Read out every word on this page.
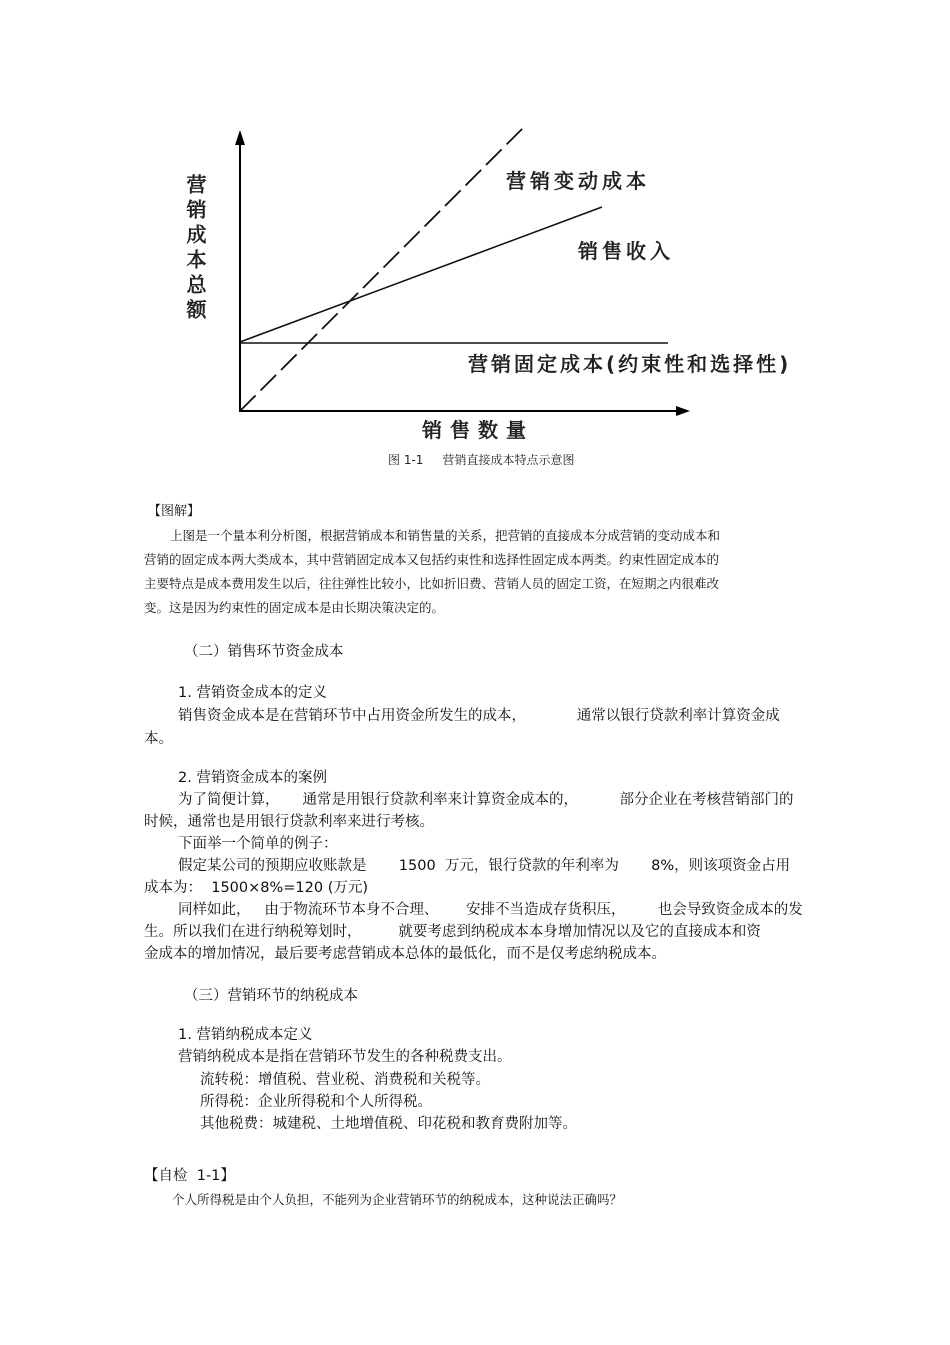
营销变动成本
销售收入
营销固定成本(约束性和选择性)
销售数量
营销成本总额
图 1-1     营销直接成本特点示意图
【图解】
上图是一个量本利分析图，根据营销成本和销售量的关系，把营销的直接成本分成营销的变动成本和
营销的固定成本两大类成本，其中营销固定成本又包括约束性和选择性固定成本两类。约束性固定成本的
主要特点是成本费用发生以后，往往弹性比较小，比如折旧费、营销人员的固定工资，在短期之内很难改
变。这是因为约束性的固定成本是由长期决策决定的。
（二）销售环节资金成本
1. 营销资金成本的定义
销售资金成本是在营销环节中占用资金所发生的成本，           通常以银行贷款利率计算资金成
本。
2. 营销资金成本的案例
为了简便计算，     通常是用银行贷款利率来计算资金成本的，         部分企业在考核营销部门的
时候，通常也是用银行贷款利率来进行考核。
下面举一个简单的例子：
假定某公司的预期应收账款是       1500  万元，银行贷款的年利率为       8%，则该项资金占用
成本为：  1500×8%=120 (万元)
同样如此，   由于物流环节本身不合理、      安排不当造成存货积压，       也会导致资金成本的发
生。所以我们在进行纳税筹划时，        就要考虑到纳税成本本身增加情况以及它的直接成本和资
金成本的增加情况，最后要考虑营销成本总体的最低化，而不是仅考虑纳税成本。
（三）营销环节的纳税成本
1. 营销纳税成本定义
营销纳税成本是指在营销环节发生的各种税费支出。
流转税：增值税、营业税、消费税和关税等。
所得税：企业所得税和个人所得税。
其他税费：城建税、土地增值税、印花税和教育费附加等。
【自检  1-1】
个人所得税是由个人负担，不能列为企业营销环节的纳税成本，这种说法正确吗？
